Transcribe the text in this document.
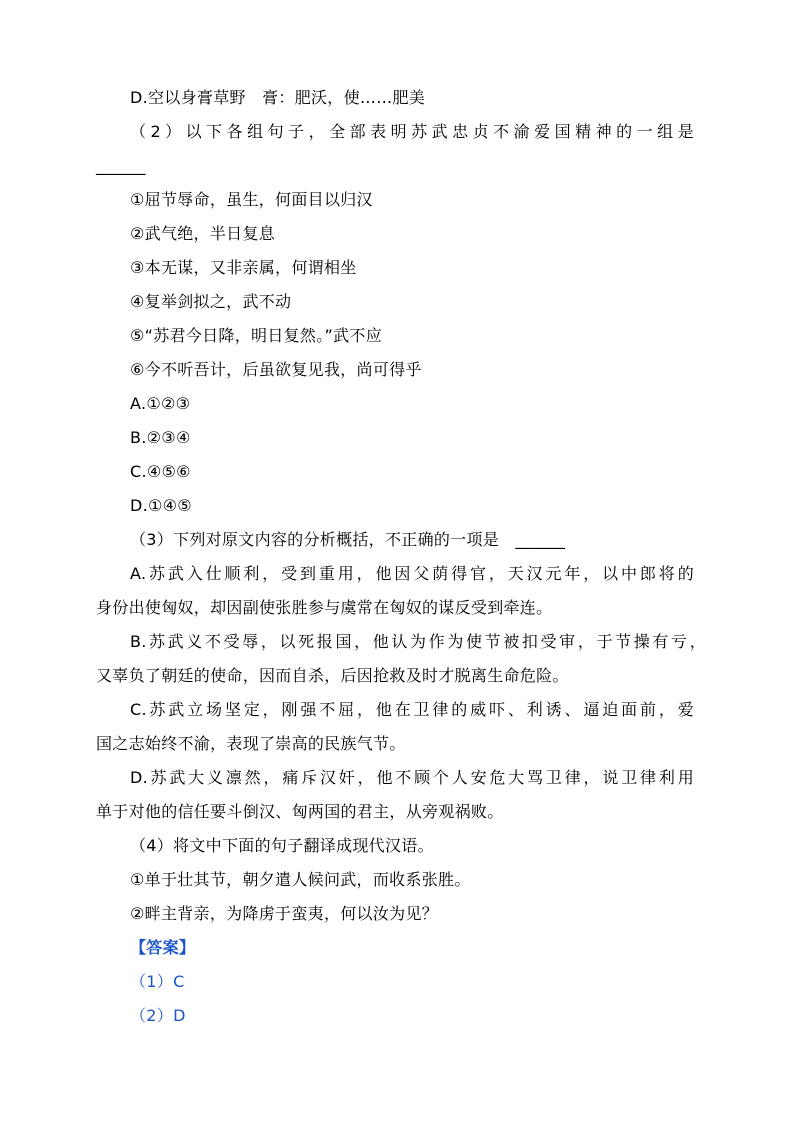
D.空以身膏草野　膏：肥沃，使……肥美
（2）以下各组句子，全部表明苏武忠贞不渝爱国精神的一组是
______
①屈节辱命，虽生，何面目以归汉
②武气绝，半日复息
③本无谋，又非亲属，何谓相坐
④复举剑拟之，武不动
⑤“苏君今日降，明日复然。”武不应
⑥今不听吾计，后虽欲复见我，尚可得乎
A.①②③
B.②③④
C.④⑤⑥
D.①④⑤
（3）下列对原文内容的分析概括，不正确的一项是　______
A.苏武入仕顺利，受到重用，他因父荫得官，天汉元年，以中郎将的
身份出使匈奴，却因副使张胜参与虞常在匈奴的谋反受到牵连。
B.苏武义不受辱，以死报国，他认为作为使节被扣受审，于节操有亏，
又辜负了朝廷的使命，因而自杀，后因抢救及时才脱离生命危险。
C.苏武立场坚定，刚强不屈，他在卫律的威吓、利诱、逼迫面前，爱
国之志始终不渝，表现了崇高的民族气节。
D.苏武大义凛然，痛斥汉奸，他不顾个人安危大骂卫律，说卫律利用
单于对他的信任要斗倒汉、匈两国的君主，从旁观祸败。
（4）将文中下面的句子翻译成现代汉语。
①单于壮其节，朝夕遣人候问武，而收系张胜。
②畔主背亲，为降虏于蛮夷，何以汝为见？
【答案】
（1）C
（2）D
